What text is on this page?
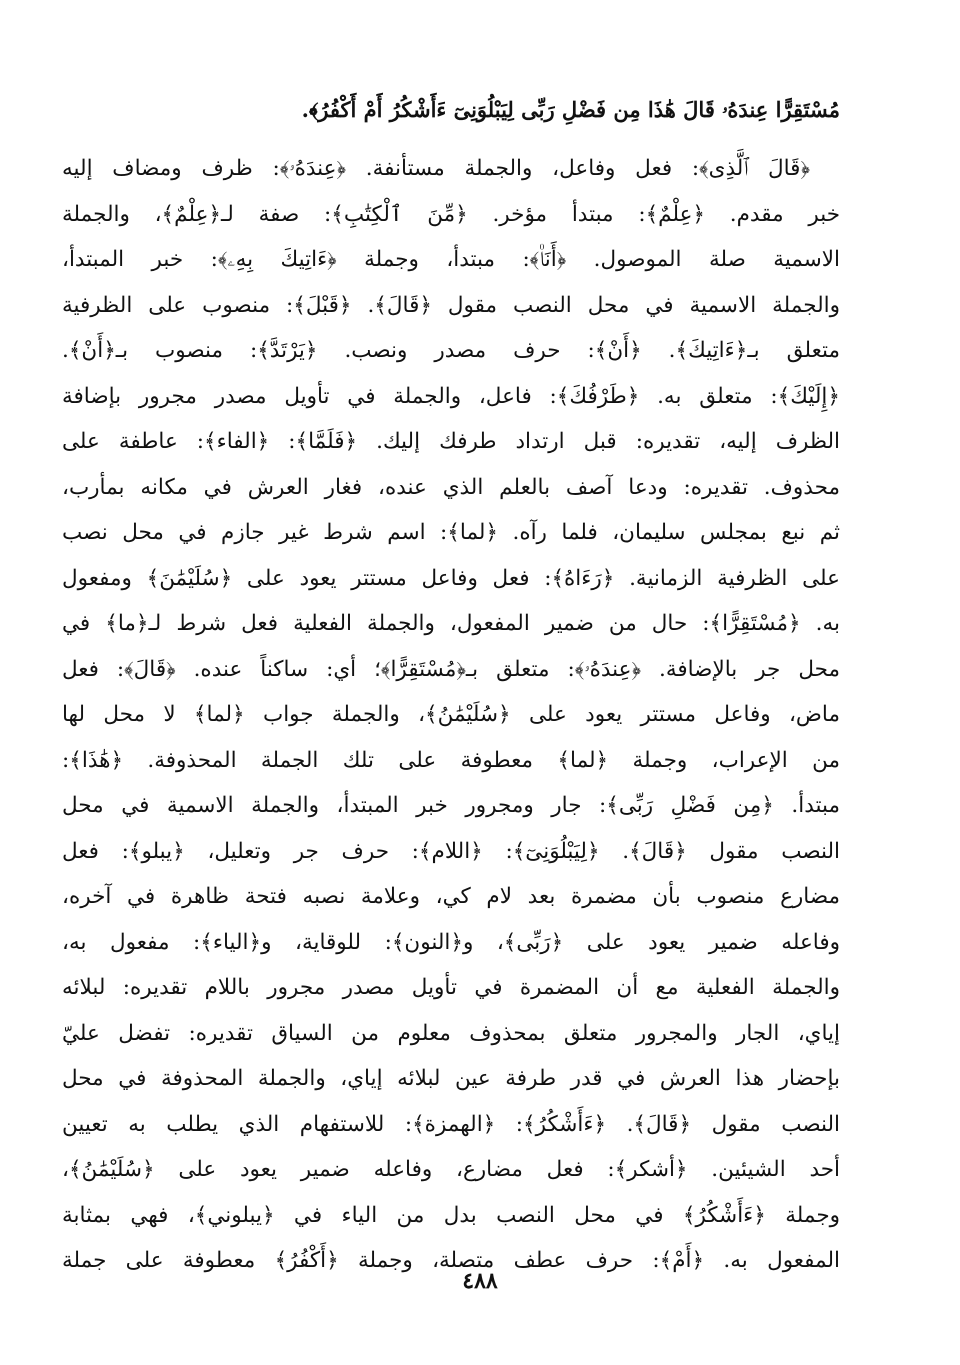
مُسْتَقِرًّا عِندَهُۥ قَالَ هَٰذَا مِن فَضْلِ رَبِّى لِيَبْلُوَنِىٓ ءَأَشْكُرُ أَمْ أَكْفُرُ﴾.
﴿قَالَ ٱلَّذِى﴾: فعل وفاعل، والجملة مستأنفة. ﴿عِندَهُۥ﴾: ظرف ومضاف إليه
خبر مقدم. ﴿عِلْمٌ﴾: مبتدأ مؤخر. ﴿مِّنَ ٱلْكِتَٰبِ﴾: صفة لـ﴿عِلْمٌ﴾، والجملة
الاسمية صلة الموصول. ﴿أَنَا۠﴾: مبتدأ، وجملة ﴿ءَاتِيكَ بِهِۦ﴾: خبر المبتدأ،
والجملة الاسمية في محل النصب مقول ﴿قَالَ﴾. ﴿قَبْلَ﴾: منصوب على الظرفية
متعلق بـ﴿ءَاتِيكَ﴾. ﴿أَنْ﴾: حرف مصدر ونصب. ﴿يَرْتَدَّ﴾: منصوب بـ﴿أَنْ﴾.
﴿إِلَيْكَ﴾: متعلق به. ﴿طَرْفُكَ﴾: فاعل، والجملة في تأويل مصدر مجرور بإضافة
الظرف إليه، تقديره: قبل ارتداد طرفك إليك. ﴿فَلَمَّا﴾: ﴿الفاء﴾: عاطفة على
محذوف. تقديره: ودعا آصف بالعلم الذي عنده، فغار العرش في مكانه بمأرب،
ثم نبع بمجلس سليمان، فلما رآه. ﴿لما﴾: اسم شرط غير جازم في محل نصب
على الظرفية الزمانية. ﴿رَءَاهُ﴾: فعل وفاعل مستتر يعود على ﴿سُلَيْمَٰنَ﴾ ومفعول
به. ﴿مُسْتَقِرًّا﴾: حال من ضمير المفعول، والجملة الفعلية فعل شرط لـ﴿ما﴾ في
محل جر بالإضافة. ﴿عِندَهُۥ﴾: متعلق بـ﴿مُسْتَقِرًّا﴾؛ أي: ساكناً عنده. ﴿قَالَ﴾: فعل
ماض، وفاعل مستتر يعود على ﴿سُلَيْمَٰنُ﴾، والجملة جواب ﴿لما﴾ لا محل لها
من الإعراب، وجملة ﴿لما﴾ معطوفة على تلك الجملة المحذوفة. ﴿هَٰذَا﴾:
مبتدأ. ﴿مِن فَضْلِ رَبِّى﴾: جار ومجرور خبر المبتدأ، والجملة الاسمية في محل
النصب مقول ﴿قَالَ﴾. ﴿لِيَبْلُوَنِىٓ﴾: ﴿اللام﴾: حرف جر وتعليل، ﴿يبلو﴾: فعل
مضارع منصوب بأن مضمرة بعد لام كي، وعلامة نصبه فتحة ظاهرة في آخره،
وفاعله ضمير يعود على ﴿رَبِّى﴾، و﴿النون﴾: للوقاية، و﴿الياء﴾: مفعول به،
والجملة الفعلية مع أن المضمرة في تأويل مصدر مجرور باللام تقديره: لبلائه
إياي، الجار والمجرور متعلق بمحذوف معلوم من السياق تقديره: تفضل عليّ
بإحضار هذا العرش في قدر طرفة عين لبلائه إياي، والجملة المحذوفة في محل
النصب مقول ﴿قَالَ﴾. ﴿ءَأَشْكُرُ﴾: ﴿الهمزة﴾: للاستفهام الذي يطلب به تعيين
أحد الشيئين. ﴿أشكر﴾: فعل مضارع، وفاعله ضمير يعود على ﴿سُلَيْمَٰنُ﴾،
وجملة ﴿ءَأَشْكُرُ﴾ في محل النصب بدل من الياء في ﴿يبلوني﴾، فهي بمثابة
المفعول به. ﴿أَمْ﴾: حرف عطف متصلة، وجملة ﴿أَكْفُرُ﴾ معطوفة على جملة
٤٨٨
